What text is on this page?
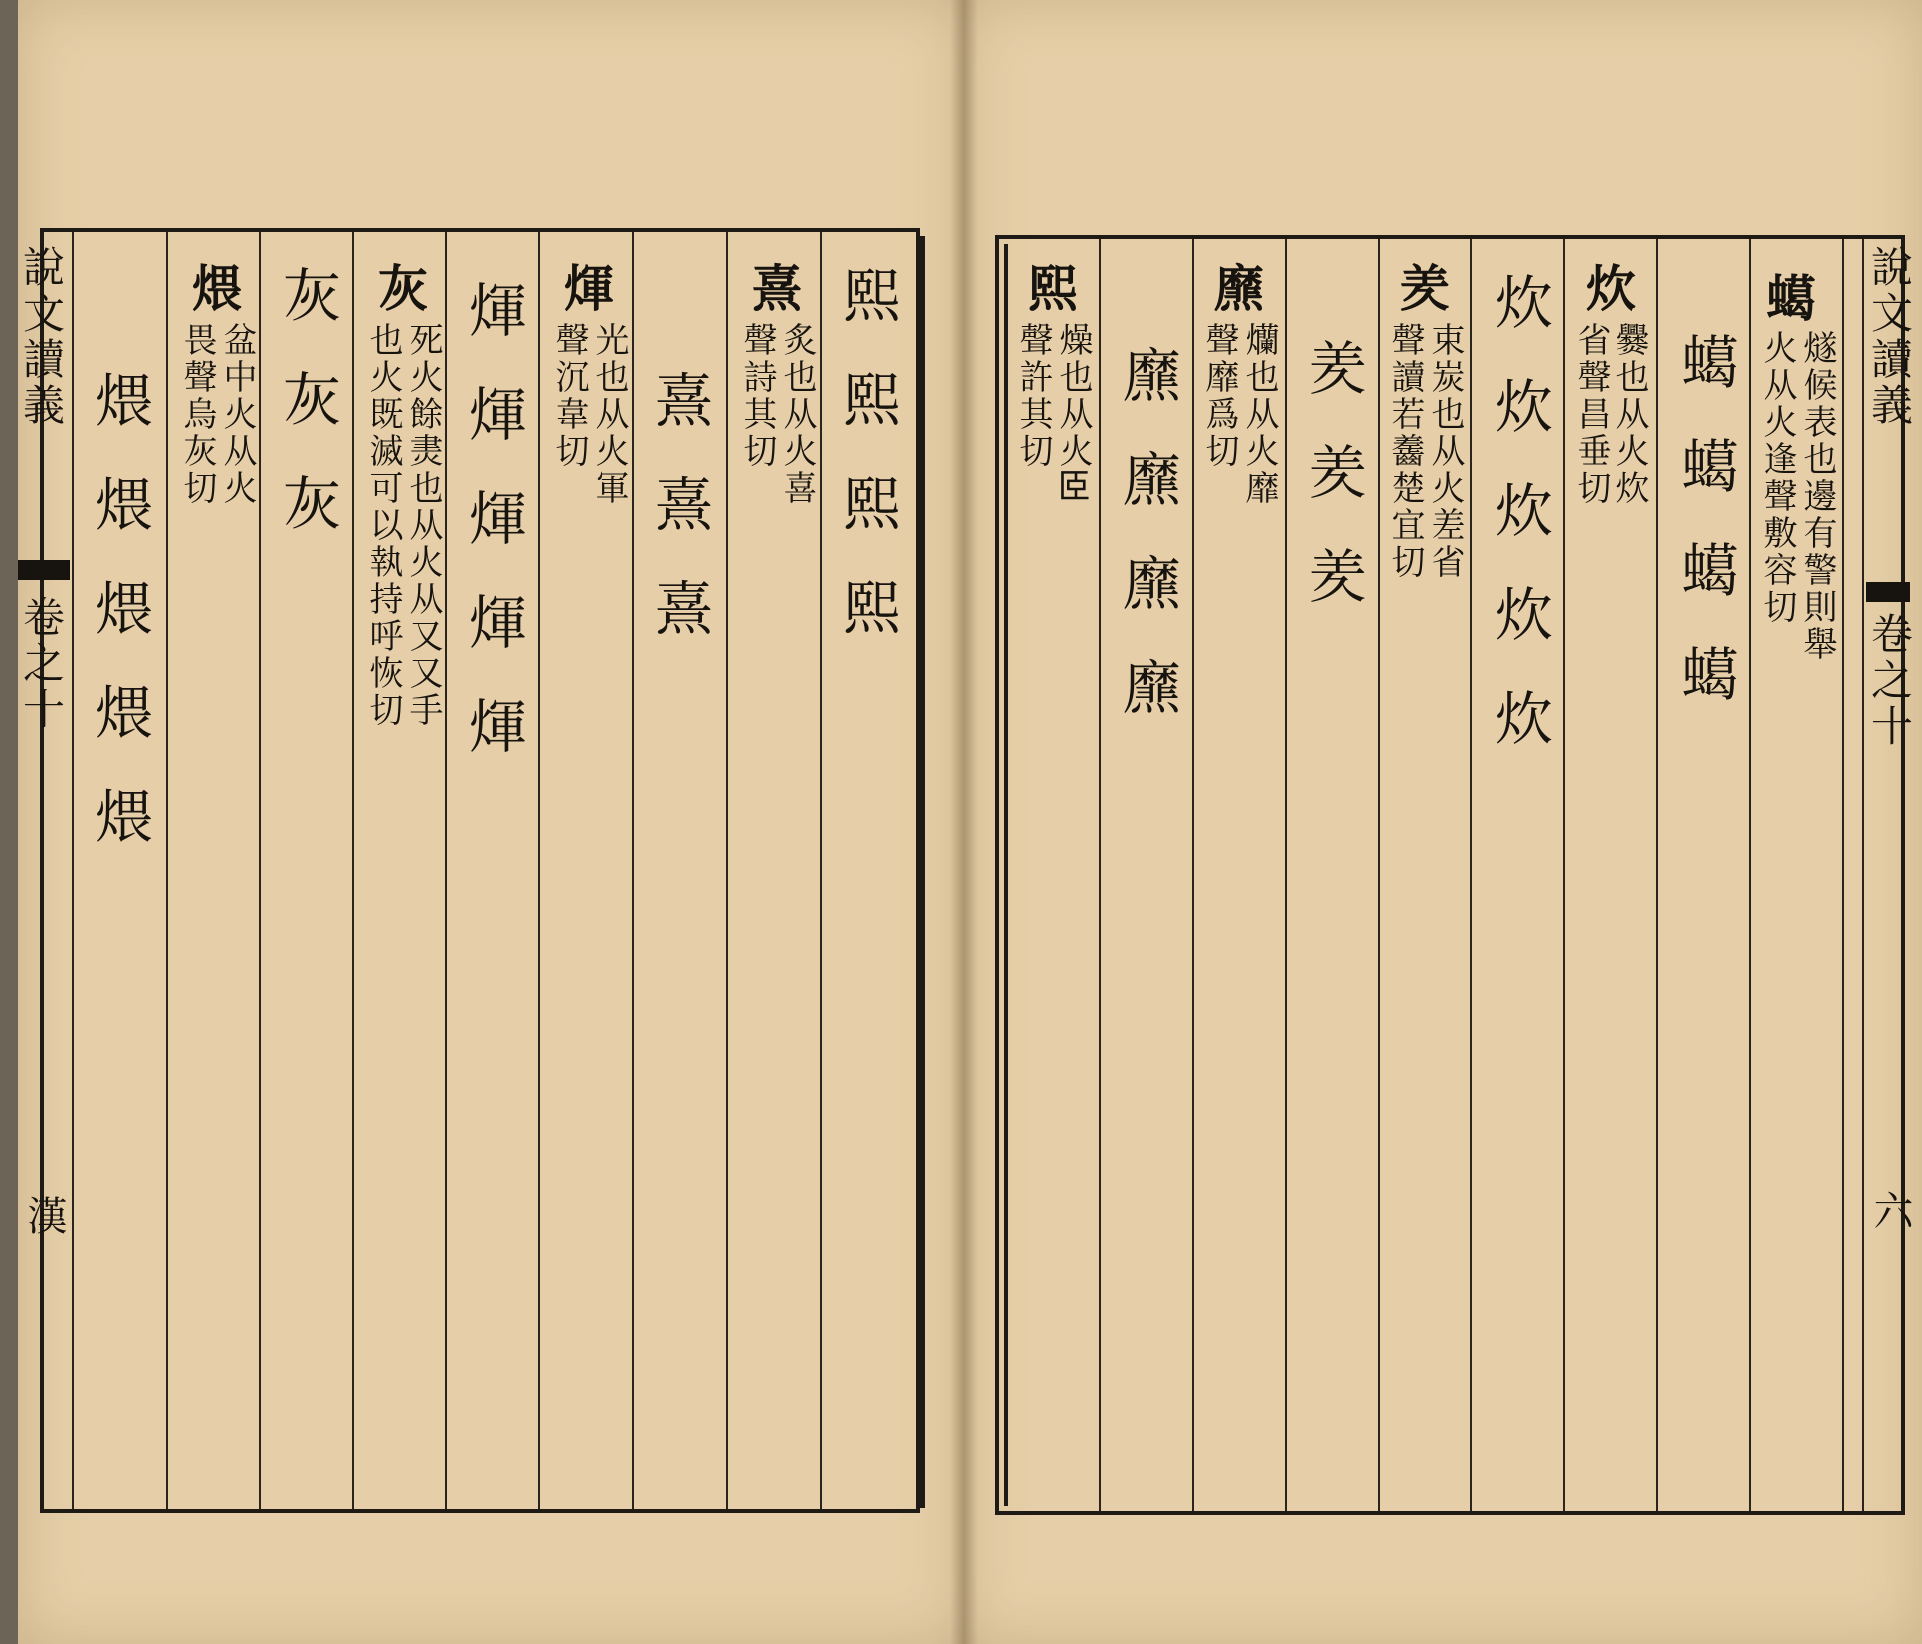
說文讀義
卷之十
漢
熙熙熙熙
熹
炙也从火喜
聲詩其切
熹熹熹
煇
光也从火軍
聲沉韋切
煇煇煇煇煇
灰
死火餘㶳也从火从又又手
也火既滅可以執持呼恢切
灰灰灰
煨
盆中火从火
畏聲烏灰切
煨煨煨煨煨
說文讀義
卷之十
六
䗶
燧候表也邊有警則舉
火从火逢聲敷容切
䗶䗶䗶䗶
炊
爨也从火炊
省聲昌垂切
炊炊炊炊炊
羑
束炭也从火差省
聲讀若齹楚宜切
羑羑羑
爢
爤也从火靡
聲靡爲切
爢爢爢爢
熙
燥也从火𦣞
聲許其切
